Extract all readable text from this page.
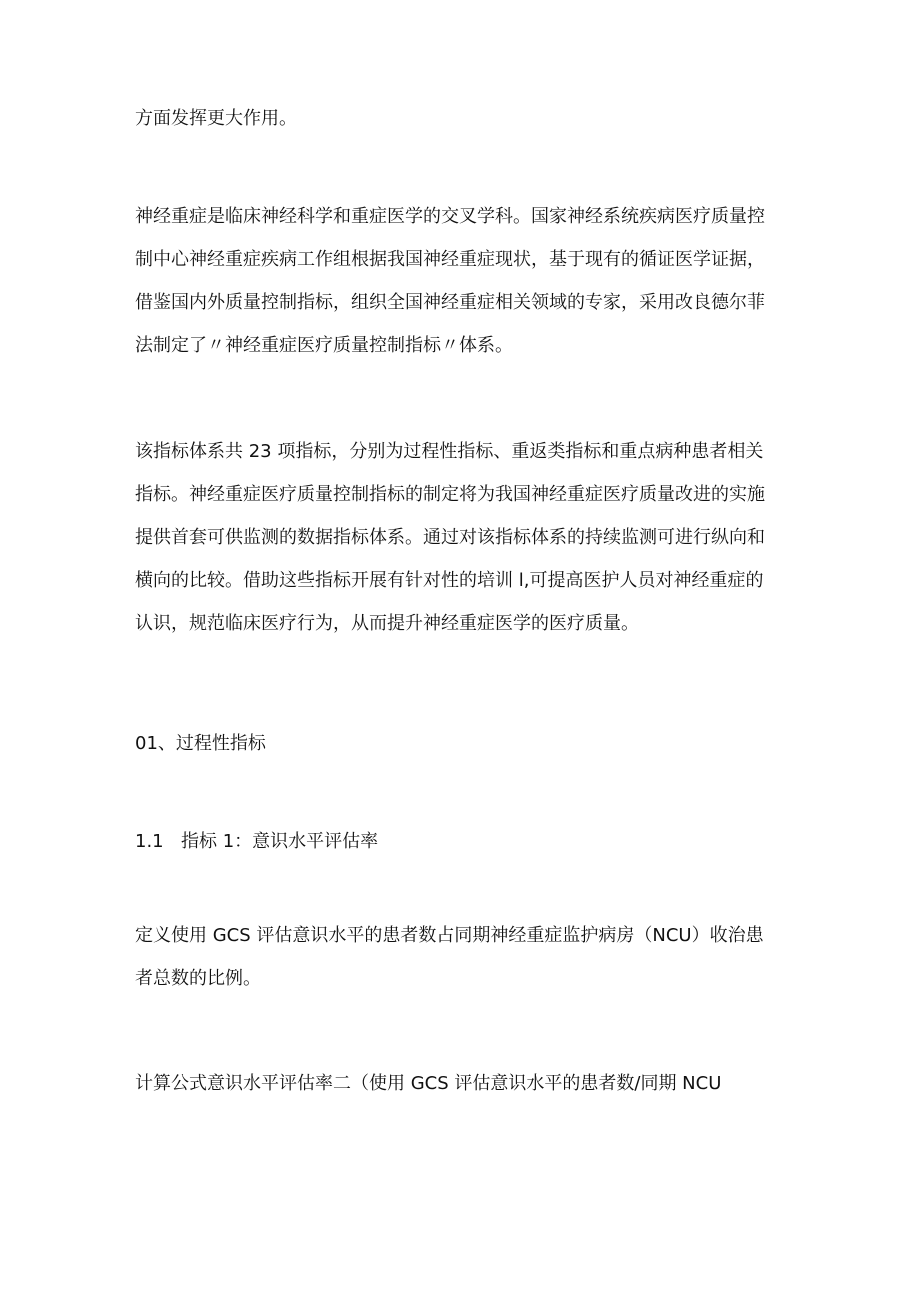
方面发挥更大作用。
神经重症是临床神经科学和重症医学的交叉学科。国家神经系统疾病医疗质量控
制中心神经重症疾病工作组根据我国神经重症现状，基于现有的循证医学证据，
借鉴国内外质量控制指标，组织全国神经重症相关领域的专家，采用改良德尔菲
法制定了〃神经重症医疗质量控制指标〃体系。
该指标体系共 23 项指标，分别为过程性指标、重返类指标和重点病种患者相关
指标。神经重症医疗质量控制指标的制定将为我国神经重症医疗质量改进的实施
提供首套可供监测的数据指标体系。通过对该指标体系的持续监测可进行纵向和
横向的比较。借助这些指标开展有针对性的培训 l,可提高医护人员对神经重症的
认识，规范临床医疗行为，从而提升神经重症医学的医疗质量。
01、过程性指标
1.1 指标 1：意识水平评估率
定义使用 GCS 评估意识水平的患者数占同期神经重症监护病房（NCU）收治患
者总数的比例。
计算公式意识水平评估率二（使用 GCS 评估意识水平的患者数/同期 NCU
